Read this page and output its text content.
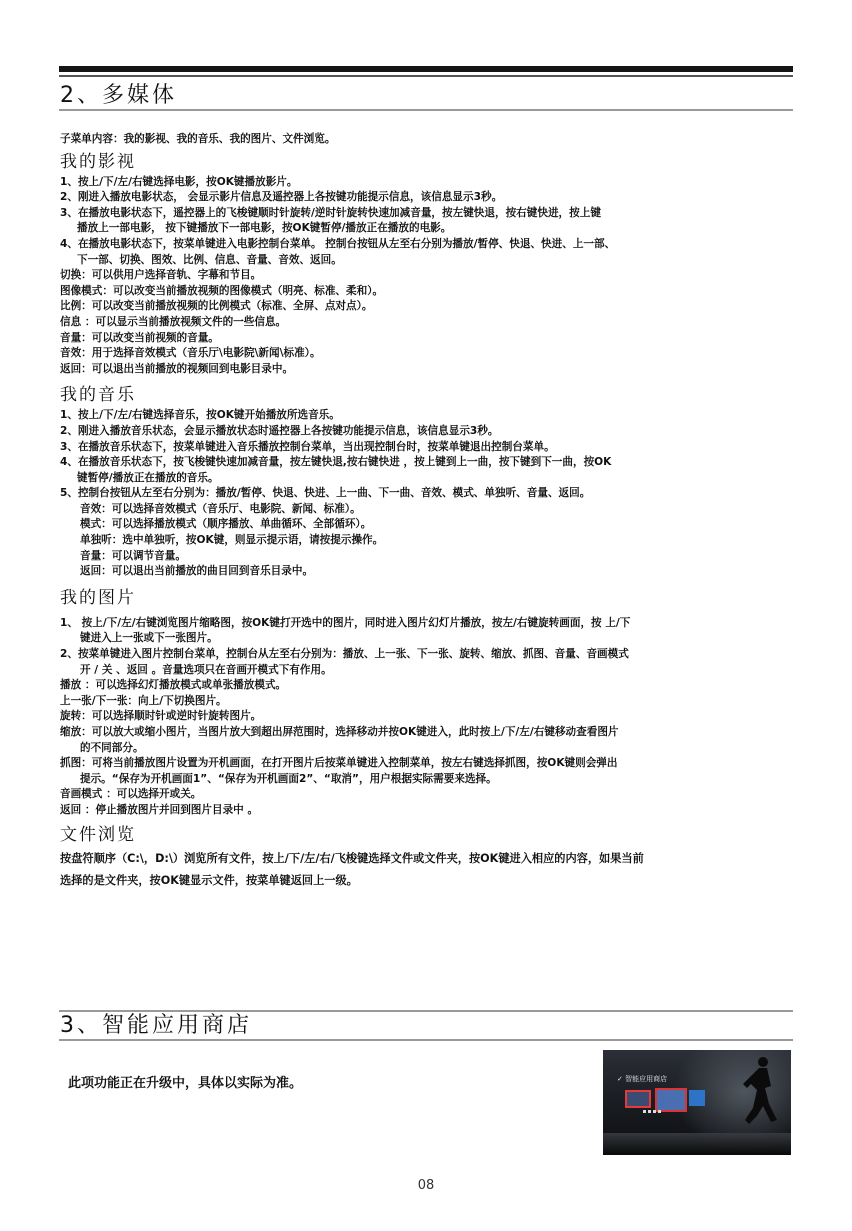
2、多媒体
子菜单内容：我的影视、我的音乐、我的图片、文件浏览。
我的影视
1、按上/下/左/右键选择电影，按OK键播放影片。
2、刚进入播放电影状态， 会显示影片信息及遥控器上各按键功能提示信息，该信息显示3秒。
3、在播放电影状态下，遥控器上的飞梭键顺时针旋转/逆时针旋转快速加减音量，按左键快退，按右键快进，按上键
播放上一部电影， 按下键播放下一部电影，按OK键暂停/播放正在播放的电影。
4、在播放电影状态下，按菜单键进入电影控制台菜单。 控制台按钮从左至右分别为播放/暂停、快退、快进、上一部、
下一部、切换、图效、比例、信息、音量、音效、返回。
切换：可以供用户选择音轨、字幕和节目。
图像模式：可以改变当前播放视频的图像模式（明亮、标准、柔和）。
比例：可以改变当前播放视频的比例模式（标准、全屏、点对点）。
信息 ：可以显示当前播放视频文件的一些信息。
音量：可以改变当前视频的音量。
音效：用于选择音效模式（音乐厅\电影院\新闻\标准）。
返回：可以退出当前播放的视频回到电影目录中。
我的音乐
1、按上/下/左/右键选择音乐，按OK键开始播放所选音乐。
2、刚进入播放音乐状态，会显示播放状态时遥控器上各按键功能提示信息，该信息显示3秒。
3、在播放音乐状态下，按菜单键进入音乐播放控制台菜单，当出现控制台时，按菜单键退出控制台菜单。
4、在播放音乐状态下，按飞梭键快速加减音量，按左键快退,按右键快进 ，按上键到上一曲，按下键到下一曲，按OK
键暂停/播放正在播放的音乐。
5、控制台按钮从左至右分别为：播放/暂停、快退、快进、上一曲、下一曲、音效、模式、单独听、音量、返回。
音效：可以选择音效模式（音乐厅、电影院、新闻、标准）。
模式：可以选择播放模式（顺序播放、单曲循环、全部循环）。
单独听：选中单独听，按OK键，则显示提示语，请按提示操作。
音量：可以调节音量。
返回：可以退出当前播放的曲目回到音乐目录中。
我的图片
1、 按上/下/左/右键浏览图片缩略图，按OK键打开选中的图片，同时进入图片幻灯片播放，按左/右键旋转画面，按 上/下
键进入上一张或下一张图片。
2、按菜单键进入图片控制台菜单，控制台从左至右分别为：播放、上一张、下一张、旋转、缩放、抓图、音量、音画模式
开 / 关 、返回 。音量选项只在音画开模式下有作用。
播放 ：可以选择幻灯播放模式或单张播放模式。
上一张/下一张：向上/下切换图片。
旋转：可以选择顺时针或逆时针旋转图片。
缩放：可以放大或缩小图片，当图片放大到超出屏范围时，选择移动并按OK键进入，此时按上/下/左/右键移动查看图片
的不同部分。
抓图：可将当前播放图片设置为开机画面，在打开图片后按菜单键进入控制菜单，按左右键选择抓图，按OK键则会弹出
提示。“保存为开机画面1”、“保存为开机画面2”、“取消”，用户根据实际需要来选择。
音画模式 ：可以选择开或关。
返回 ：停止播放图片并回到图片目录中 。
文件浏览
按盘符顺序（C:\，D:\）浏览所有文件，按上/下/左/右/飞梭键选择文件或文件夹，按OK键进入相应的内容，如果当前
选择的是文件夹，按OK键显示文件，按菜单键返回上一级。
3、智能应用商店
此项功能正在升级中，具体以实际为准。	✓ 智能应用商店
08
